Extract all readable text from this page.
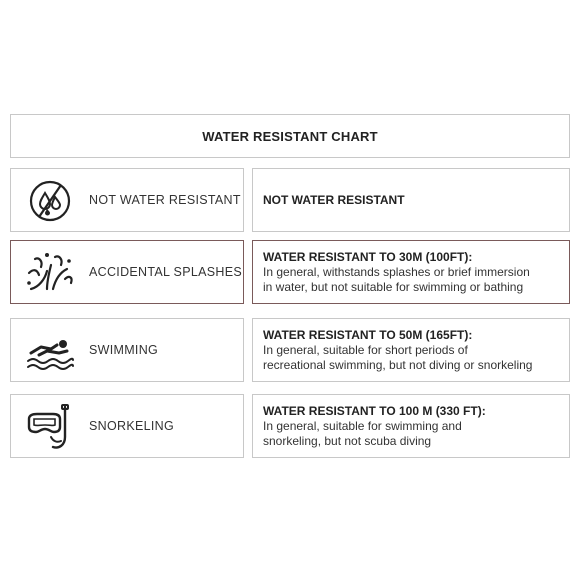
WATER RESISTANT CHART
NOT WATER RESISTANT NOT WATER RESISTANT
ACCIDENTAL SPLASHES
WATER RESISTANT TO 30M (100FT):
In general, withstands splashes or brief immersion
in water, but not suitable for swimming or bathing
SWIMMING
WATER RESISTANT TO 50M (165FT):
In general, suitable for short periods of
recreational swimming, but not diving or snorkeling
SNORKELING
WATER RESISTANT TO 100 M (330 FT):
In general, suitable for swimming and
snorkeling, but not scuba diving
